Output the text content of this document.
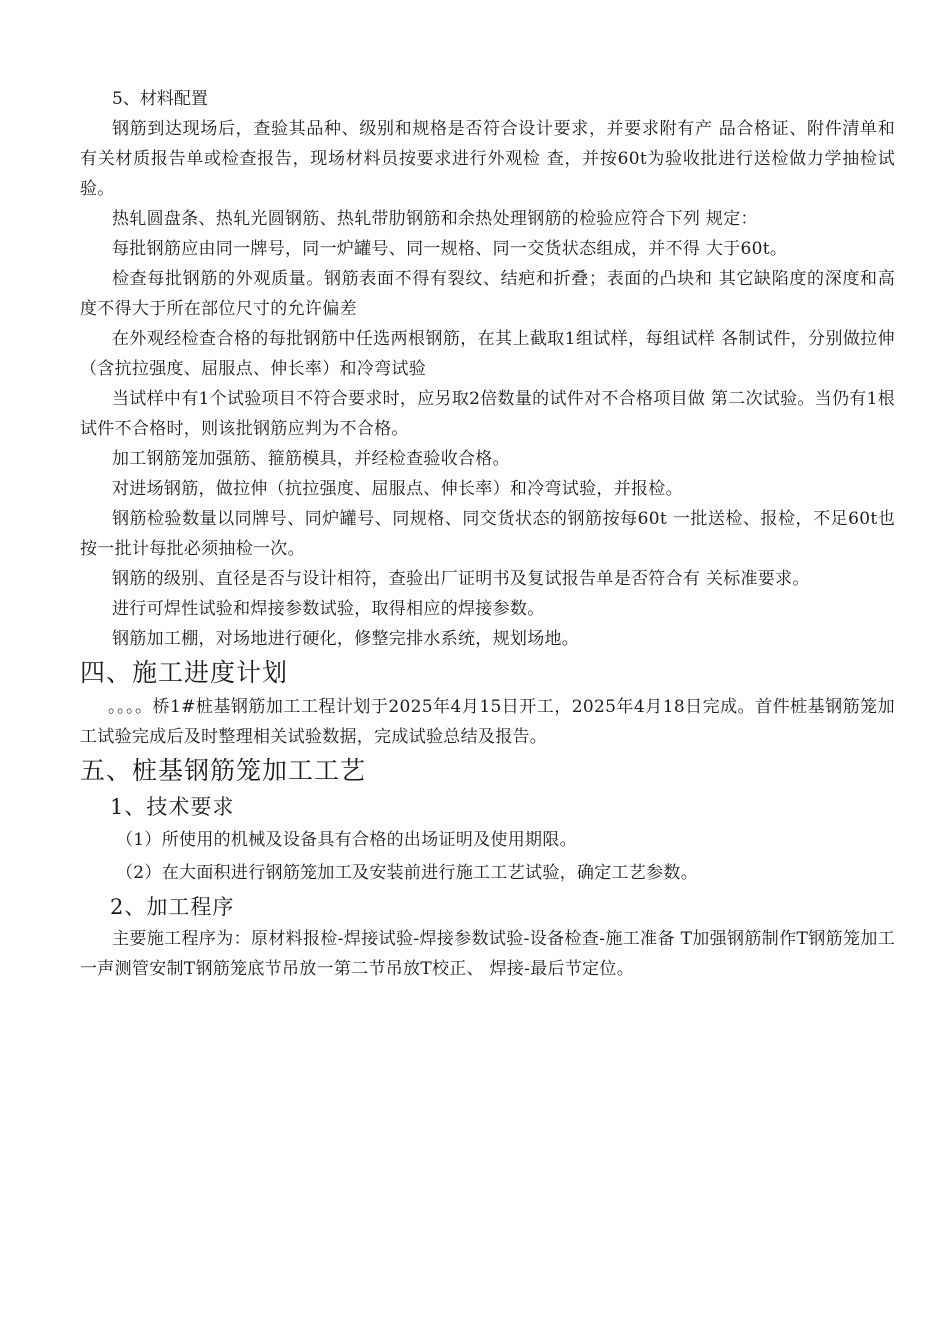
5、材料配置

钢筋到达现场后，查验其品种、级别和规格是否符合设计要求，并要求附有产 品合格证、附件清单和有关材质报告单或检查报告，现场材料员按要求进行外观检 查，并按60t为验收批进行送检做力学抽检试验。

热轧圆盘条、热轧光圆钢筋、热轧带肋钢筋和余热处理钢筋的检验应符合下列 规定：

每批钢筋应由同一牌号，同一炉罐号、同一规格、同一交货状态组成，并不得 大于60t。

检查每批钢筋的外观质量。钢筋表面不得有裂纹、结疤和折叠；表面的凸块和 其它缺陷度的深度和高度不得大于所在部位尺寸的允许偏差

在外观经检查合格的每批钢筋中任选两根钢筋，在其上截取1组试样，每组试样 各制试件，分别做拉伸（含抗拉强度、屈服点、伸长率）和冷弯试验

当试样中有1个试验项目不符合要求时，应另取2倍数量的试件对不合格项目做 第二次试验。当仍有1根试件不合格时，则该批钢筋应判为不合格。

加工钢筋笼加强筋、箍筋模具，并经检查验收合格。

对进场钢筋，做拉伸（抗拉强度、屈服点、伸长率）和冷弯试验，并报检。

钢筋检验数量以同牌号、同炉罐号、同规格、同交货状态的钢筋按每60t 一批送检、报检，不足60t也按一批计每批必须抽检一次。

钢筋的级别、直径是否与设计相符，查验出厂证明书及复试报告单是否符合有 关标准要求。

进行可焊性试验和焊接参数试验，取得相应的焊接参数。

钢筋加工棚，对场地进行硬化，修整完排水系统，规划场地。

四、施工进度计划

。。。。桥1#桩基钢筋加工工程计划于2025年4月15日开工，2025年4月18日完成。首件桩基钢筋笼加工试验完成后及时整理相关试验数据，完成试验总结及报告。

五、桩基钢筋笼加工工艺
1、技术要求

（1）所使用的机械及设备具有合格的出场证明及使用期限。

（2）在大面积进行钢筋笼加工及安装前进行施工工艺试验，确定工艺参数。

2、加工程序

主要施工程序为：原材料报检-焊接试验-焊接参数试验-设备检查-施工准备 T加强钢筋制作T钢筋笼加工一声测管安制T钢筋笼底节吊放一第二节吊放T校正、 焊接-最后节定位。
